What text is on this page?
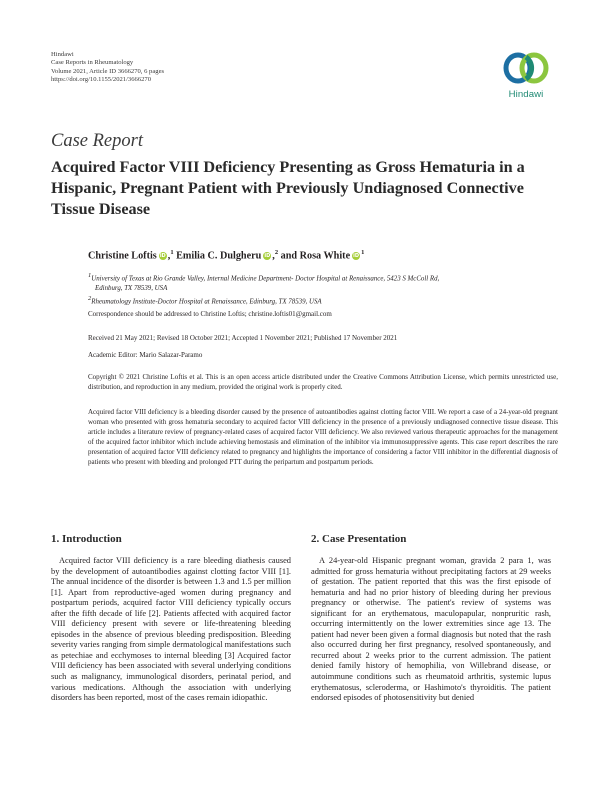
Hindawi
Case Reports in Rheumatology
Volume 2021, Article ID 3666270, 6 pages
https://doi.org/10.1155/2021/3666270
Hindawi
Case Report
Acquired Factor VIII Deficiency Presenting as Gross Hematuria in a Hispanic, Pregnant Patient with Previously Undiagnosed Connective Tissue Disease
Christine Loftis iD ,$^1$ Emilia C. Dulgheru iD ,$^2$ and Rosa White $iD^1$
$^1$University of Texas at Rio Grande Valley, Internal Medicine Department- Doctor Hospital at Renaissance, 5423 S McColl Rd,
Edinburg, TX 78539, USA
$^2$Rheumatology Institute-Doctor Hospital at Renaissance, Edinburg, TX 78539, USA
Correspondence should be addressed to Christine Loftis; christine.loftis01@gmail.com
Received 21 May 2021; Revised 18 October 2021; Accepted 1 November 2021; Published 17 November 2021
Academic Editor: Mario Salazar-Paramo
Copyright © 2021 Christine Loftis et al. This is an open access article distributed under the Creative Commons Attribution License, which permits unrestricted use, distribution, and reproduction in any medium, provided the original work is properly cited.
Acquired factor VIII deficiency is a bleeding disorder caused by the presence of autoantibodies against clotting factor VIII. We report a case of a 24-year-old pregnant woman who presented with gross hematuria secondary to acquired factor VIII deficiency in the presence of a previously undiagnosed connective tissue disease. This article includes a literature review of pregnancy-related cases of acquired factor VIII deficiency. We also reviewed various therapeutic approaches for the management of the acquired factor inhibitor which include achieving hemostasis and elimination of the inhibitor via immunosuppressive agents. This case report describes the rare presentation of acquired factor VIII deficiency related to pregnancy and highlights the importance of considering a factor VIII inhibitor in the differential diagnosis of patients who present with bleeding and prolonged PTT during the peripartum and postpartum periods.
1. Introduction

Acquired factor VIII deficiency is a rare bleeding diathesis caused by the development of autoantibodies against clotting factor VIII [1]. The annual incidence of the disorder is between 1.3 and 1.5 per million [1]. Apart from reproductive-aged women during pregnancy and postpartum periods, acquired factor VIII deficiency typically occurs after the fifth decade of life [2]. Patients affected with acquired factor VIII deficiency present with severe or life-threatening bleeding episodes in the absence of previous bleeding predisposition. Bleeding severity varies ranging from simple dermatological manifestations such as petechiae and ecchymoses to internal bleeding [3] Acquired factor VIII deficiency has been associated with several underlying conditions such as malignancy, immunological disorders, perinatal period, and various medications. Although the association with underlying disorders has been reported, most of the cases remain idiopathic.

2. Case Presentation

A 24-year-old Hispanic pregnant woman, gravida 2 para 1, was admitted for gross hematuria without precipitating factors at 29 weeks of gestation. The patient reported that this was the first episode of hematuria and had no prior history of bleeding during her previous pregnancy or otherwise. The patient's review of systems was significant for an erythematous, maculopapular, nonpruritic rash, occurring intermittently on the lower extremities since age 13. The patient had never been given a formal diagnosis but noted that the rash also occurred during her first pregnancy, resolved spontaneously, and recurred about 2 weeks prior to the current admission. The patient denied family history of hemophilia, von Willebrand disease, or autoimmune conditions such as rheumatoid arthritis, systemic lupus erythematosus, scleroderma, or Hashimoto's thyroiditis. The patient endorsed episodes of photosensitivity but denied
